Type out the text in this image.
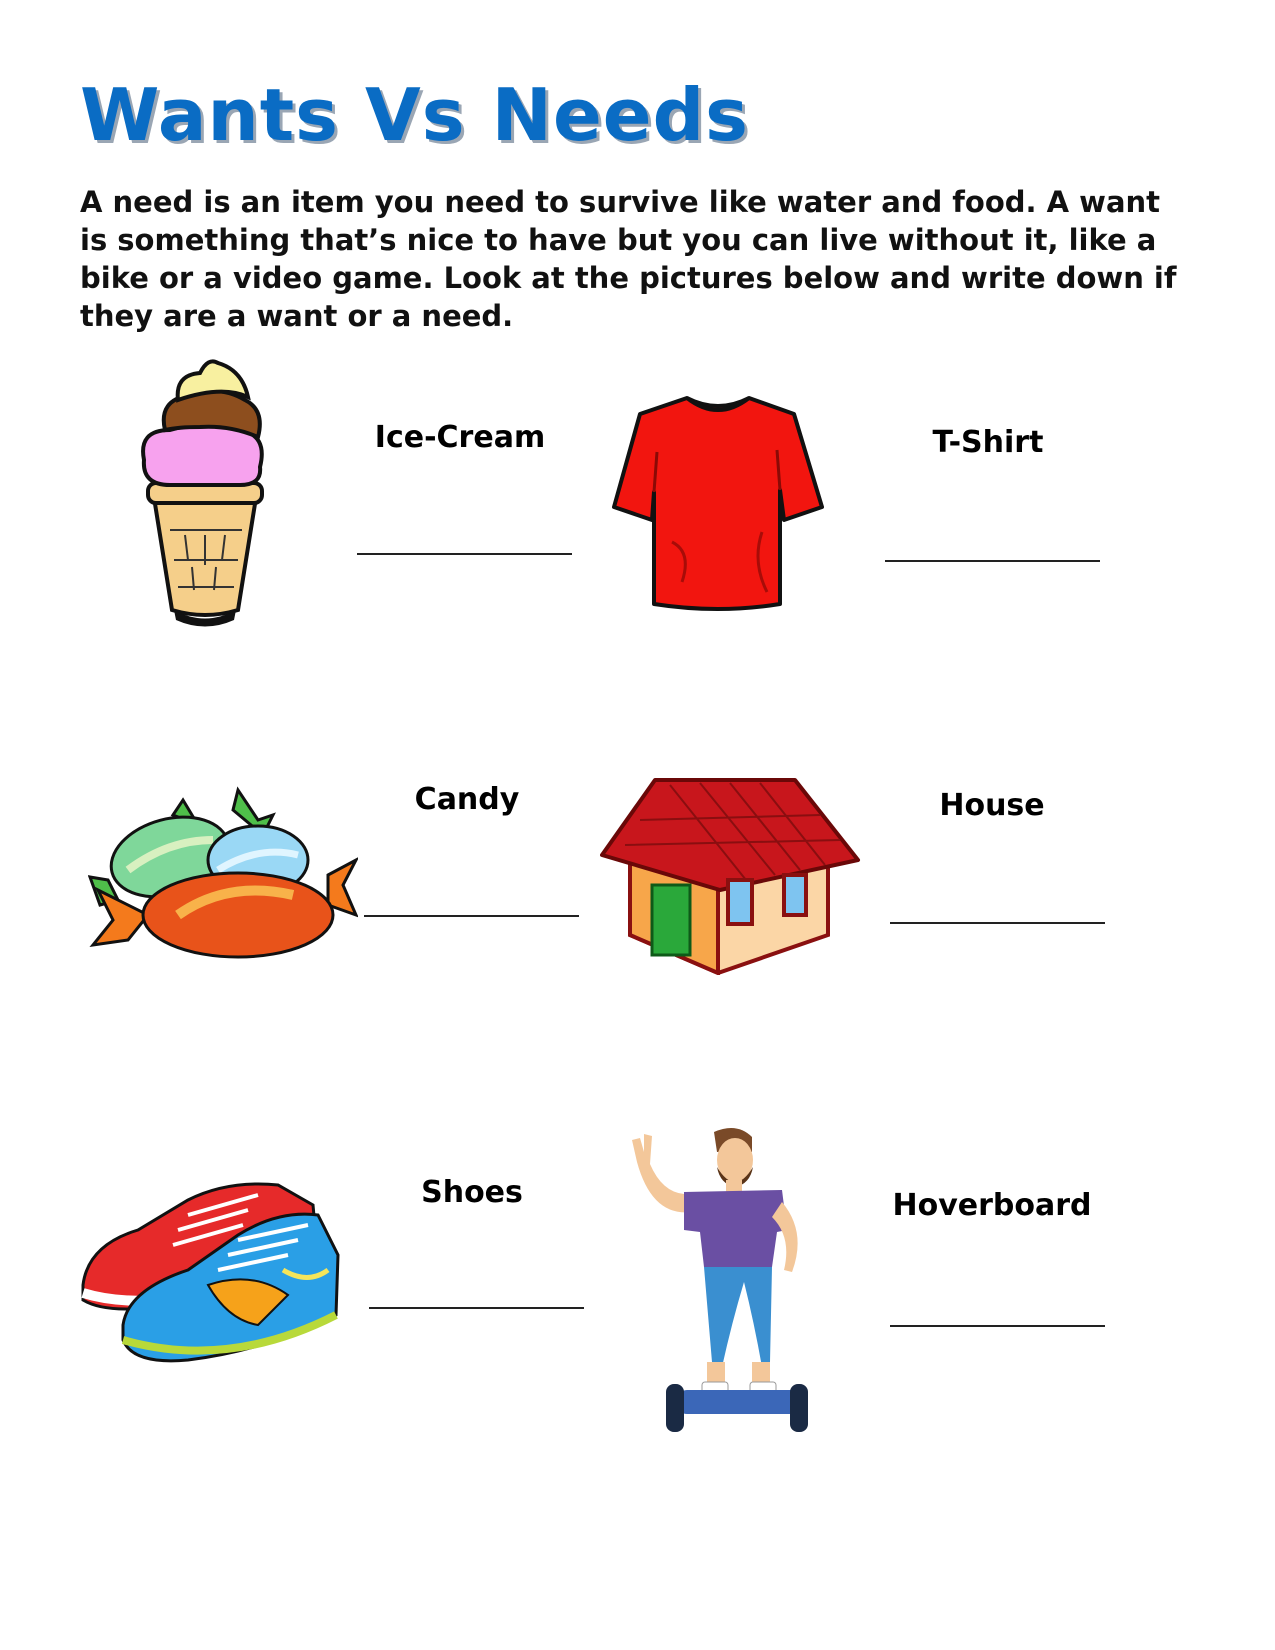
Wants Vs Needs

A need is an item you need to survive like water and food. A want is something that’s nice to have but you can live without it, like a bike or a video game. Look at the pictures below and write down if they are a want or a need.

Ice-Cream	T-Shirt
Candy	House
Shoes	Hoverboard
